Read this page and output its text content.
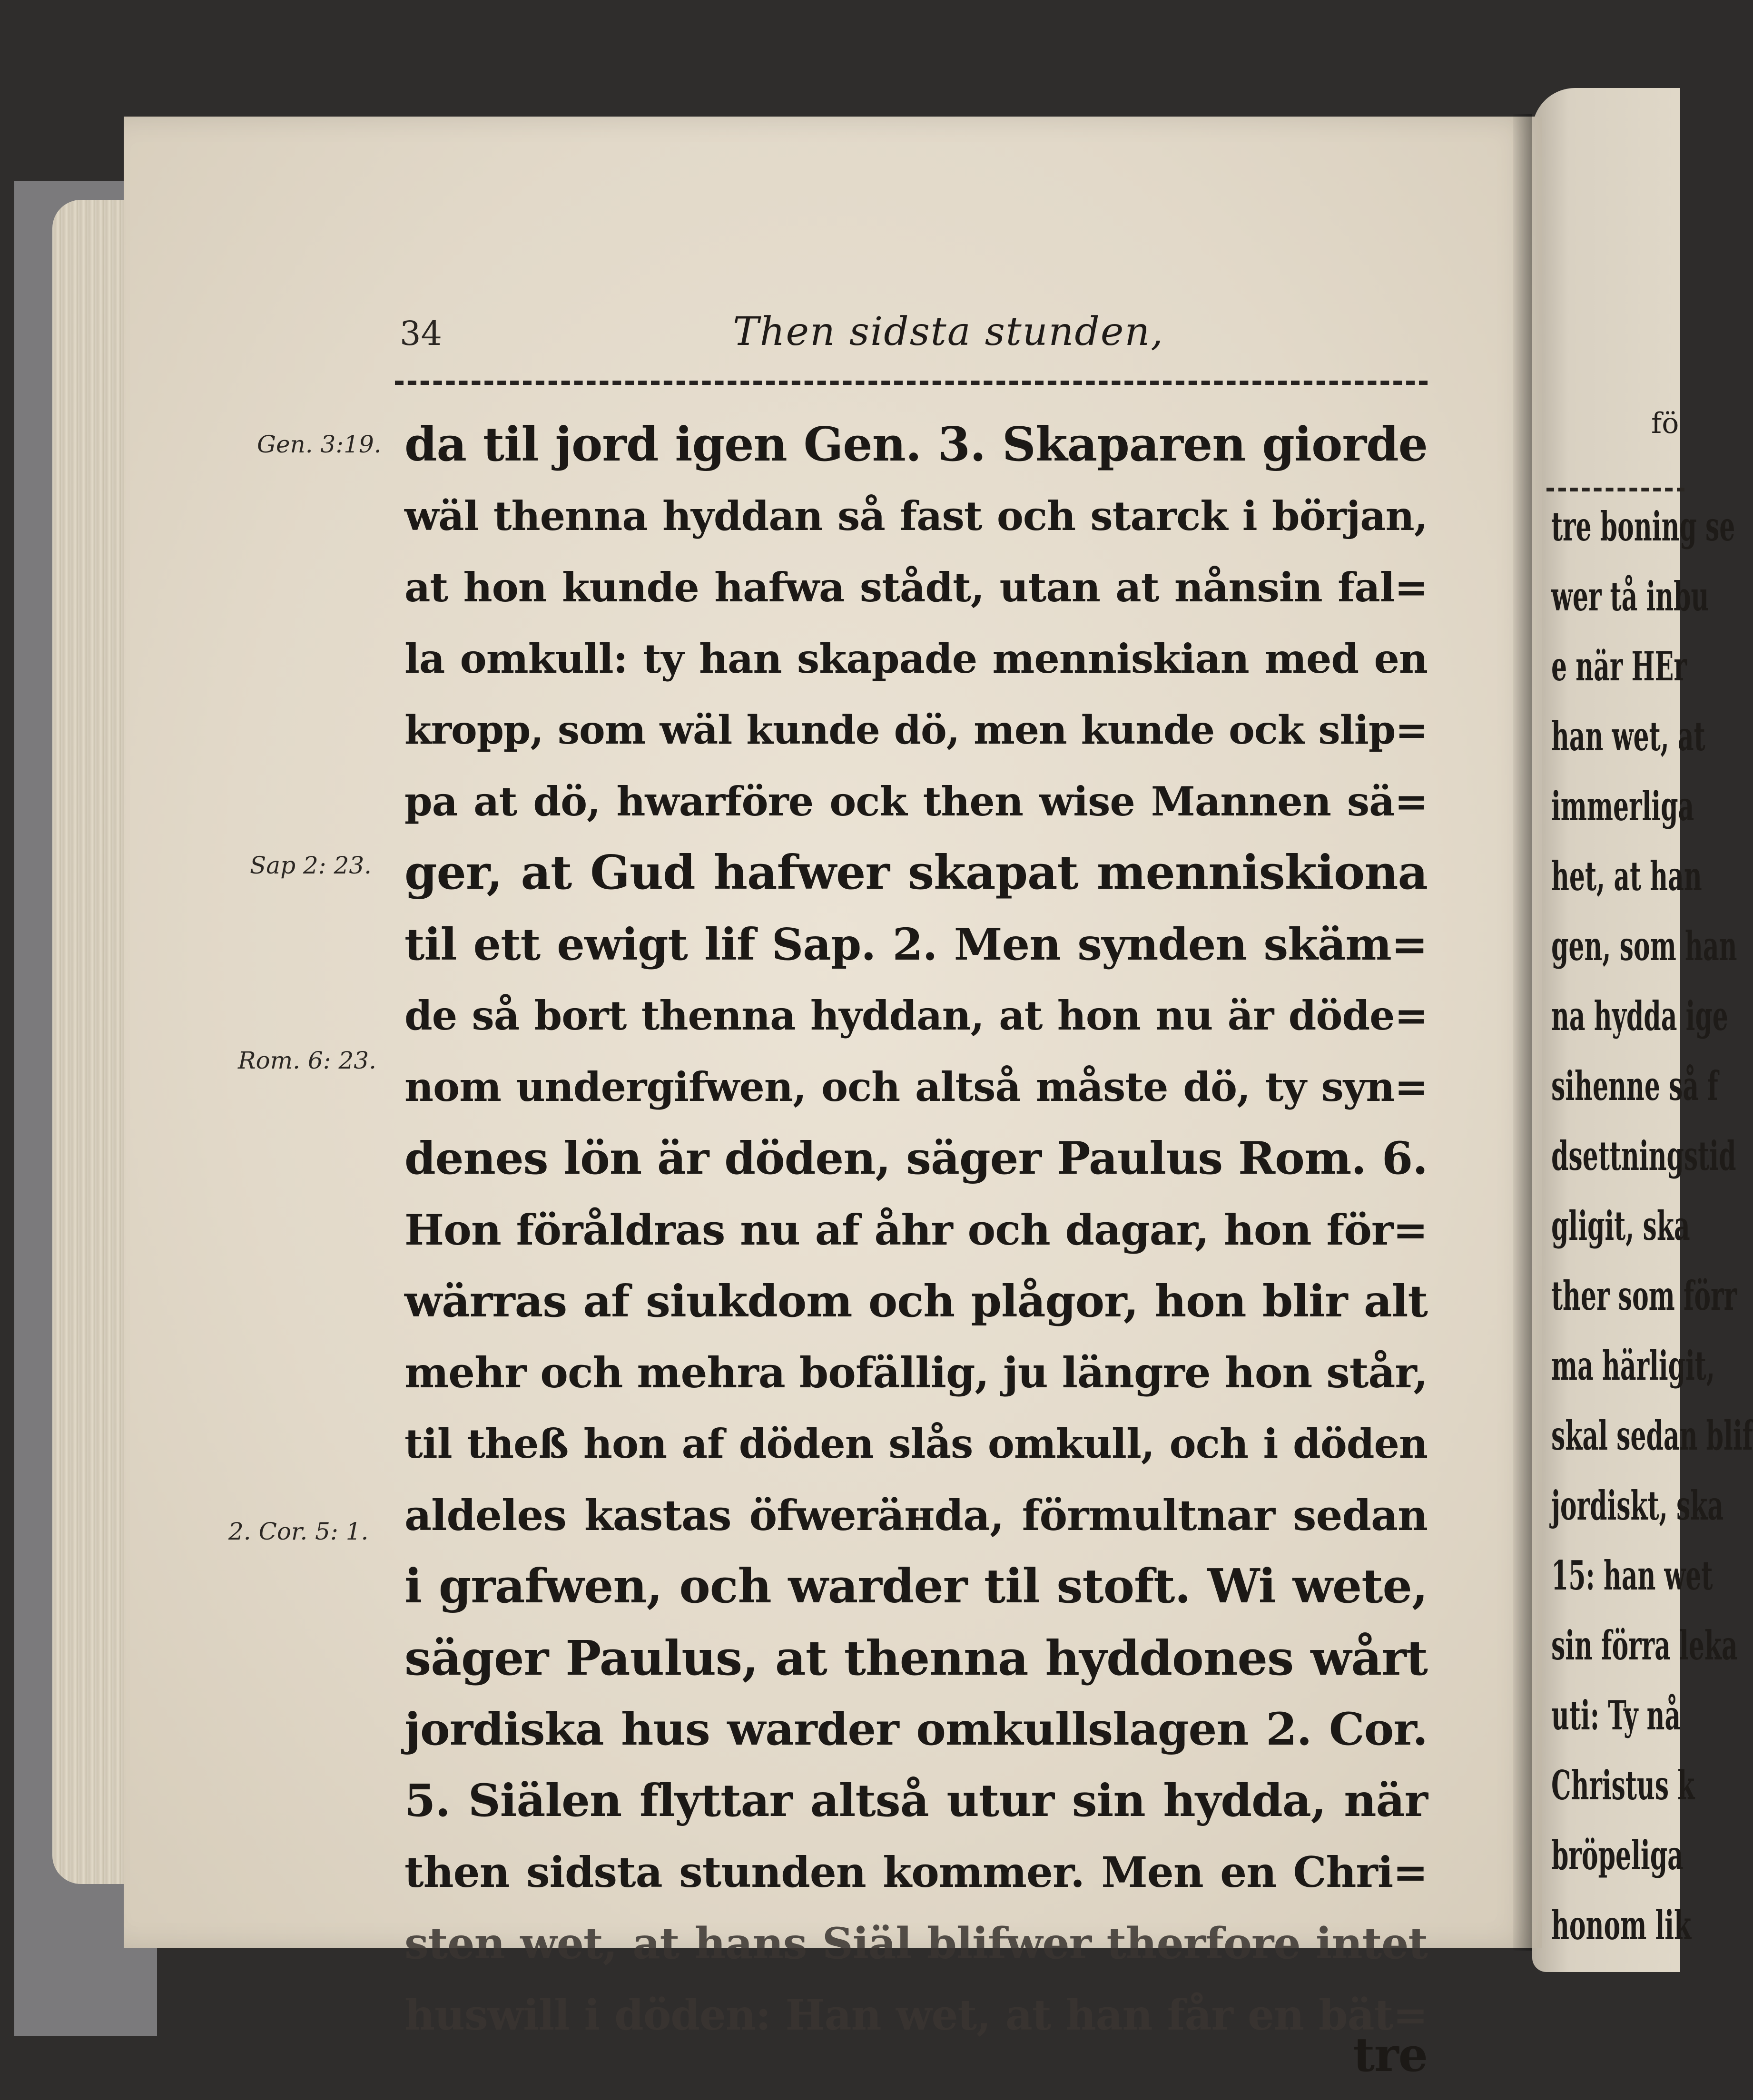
fö
tre boning se
wer tå inbu
e när HEr
han wet, at
immerliga
het, at han
gen, som han
na hydda ige
sihenne så f
dsettningstid
gligit, ska
ther som förr
ma härligit,
skal sedan blif
jordiskt, ska
15: han wet
sin förra leka
uti: Ty nå
Christus k
bröpeliga
honom lik
34	Then sidsta stunden,
Gen. 3:19.
Sap 2: 23.
Rom. 6: 23.
2. Cor. 5: 1.
da til jord igen Gen. 3. Skaparen giorde
wäl thenna hyddan så fast och starck i början,
at hon kunde hafwa stådt, utan at nånsin fal=
la omkull: ty han skapade menniskian med en
kropp, som wäl kunde dö, men kunde ock slip=
pa at dö, hwarföre ock then wise Mannen sä=
ger, at Gud hafwer skapat menniskiona
til ett ewigt lif Sap. 2. Men synden skäm=
de så bort thenna hyddan, at hon nu är döde=
nom undergifwen, och altså måste dö, ty syn=
denes lön är döden, säger Paulus Rom. 6.
Hon föråldras nu af åhr och dagar, hon för=
wärras af siukdom och plågor, hon blir alt
mehr och mehra bofällig, ju längre hon står,
til theß hon af döden slås omkull, och i döden
aldeles kastas öfweräнda, förmultnar sedan
i grafwen, och warder til stoft. Wi wete,
säger Paulus, at thenna hyddones wårt
jordiska hus warder omkullslagen 2. Cor.
5. Siälen flyttar altså utur sin hydda, när
then sidsta stunden kommer. Men en Chri=
sten wet, at hans Siäl blifwer therfore intet
huswill i döden: Han wet, at han får en bät=
tre
